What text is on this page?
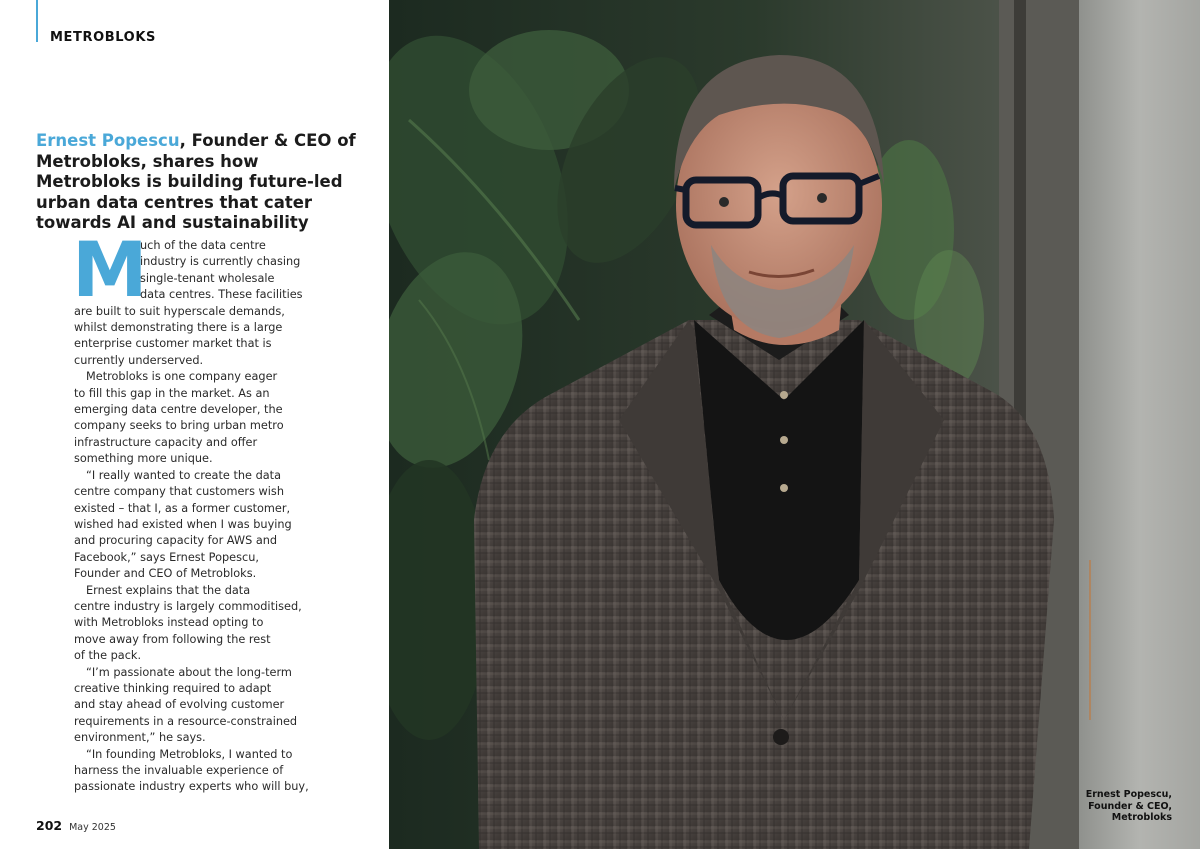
METROBLOKS
Ernest Popescu, Founder & CEO of Metrobloks, shares how Metrobloks is building future-led urban data centres that cater towards AI and sustainability
M
uch of the data centre
industry is currently chasing
single-tenant wholesale
data centres. These facilities
are built to suit hyperscale demands,
whilst demonstrating there is a large
enterprise customer market that is
currently underserved.
Metrobloks is one company eager
to fill this gap in the market. As an
emerging data centre developer, the
company seeks to bring urban metro
infrastructure capacity and offer
something more unique.
“I really wanted to create the data
centre company that customers wish
existed – that I, as a former customer,
wished had existed when I was buying
and procuring capacity for AWS and
Facebook,” says Ernest Popescu,
Founder and CEO of Metrobloks.
Ernest explains that the data
centre industry is largely commoditised,
with Metrobloks instead opting to
move away from following the rest
of the pack.
“I’m passionate about the long-term
creative thinking required to adapt
and stay ahead of evolving customer
requirements in a resource-constrained
environment,” he says.
“In founding Metrobloks, I wanted to
harness the invaluable experience of
passionate industry experts who will buy,
202 May 2025
Ernest Popescu,
Founder & CEO,
Metrobloks
